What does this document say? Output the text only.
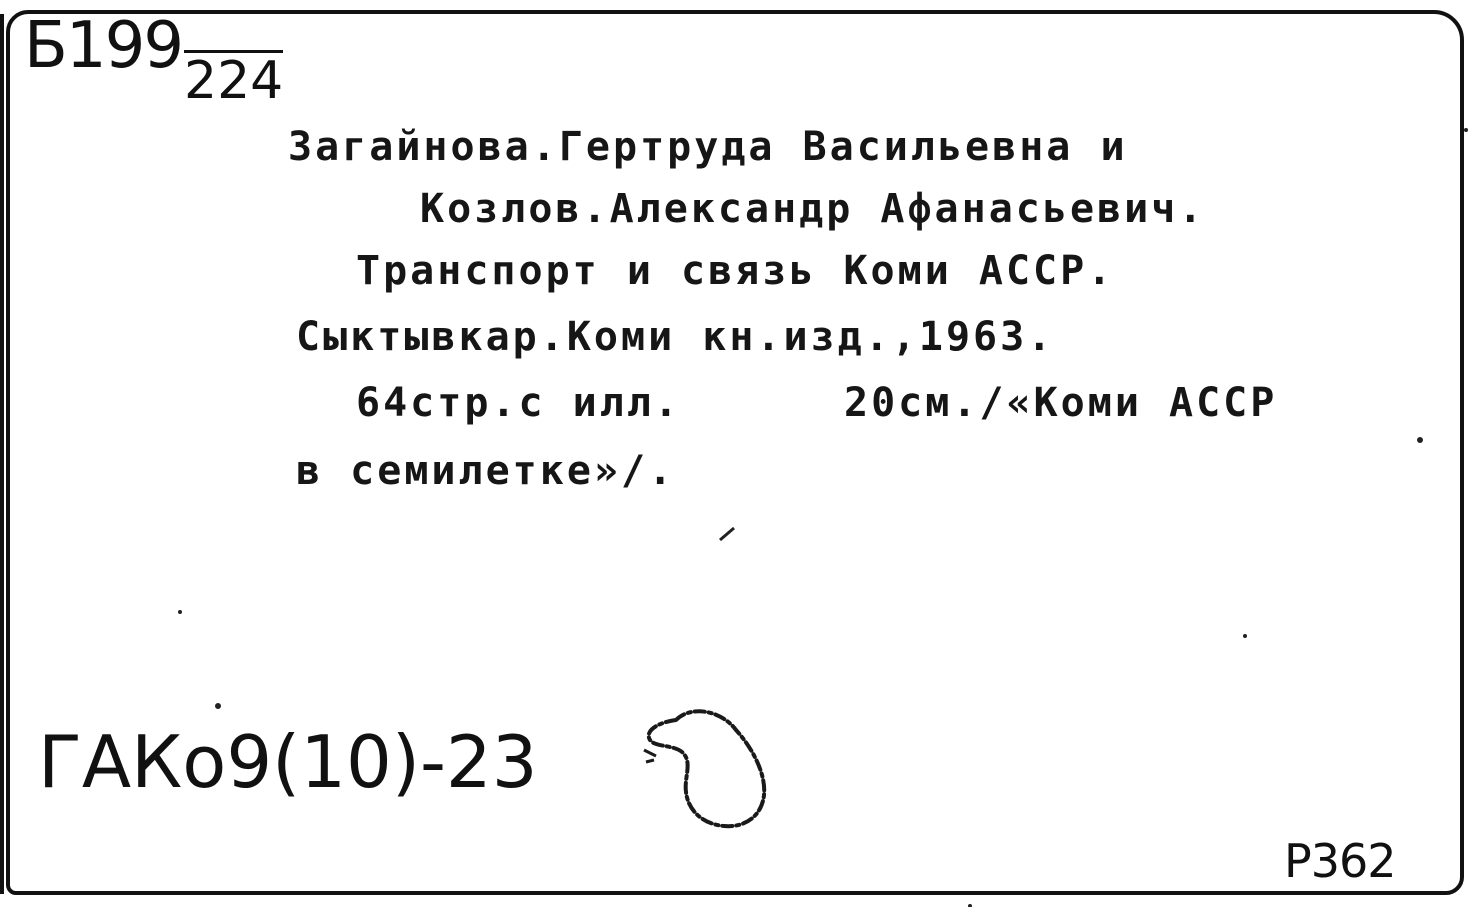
Б199 224
Загайнова.Гертруда Васильевна и
Козлов.Александр Афанасьевич.
Транспорт и связь Коми АССР.
Сыктывкар.Коми кн.изд.,1963.
64стр.с илл.	20см./«Коми АССР
в семилетке»/.
ГАКо9(10)-23
Р362
